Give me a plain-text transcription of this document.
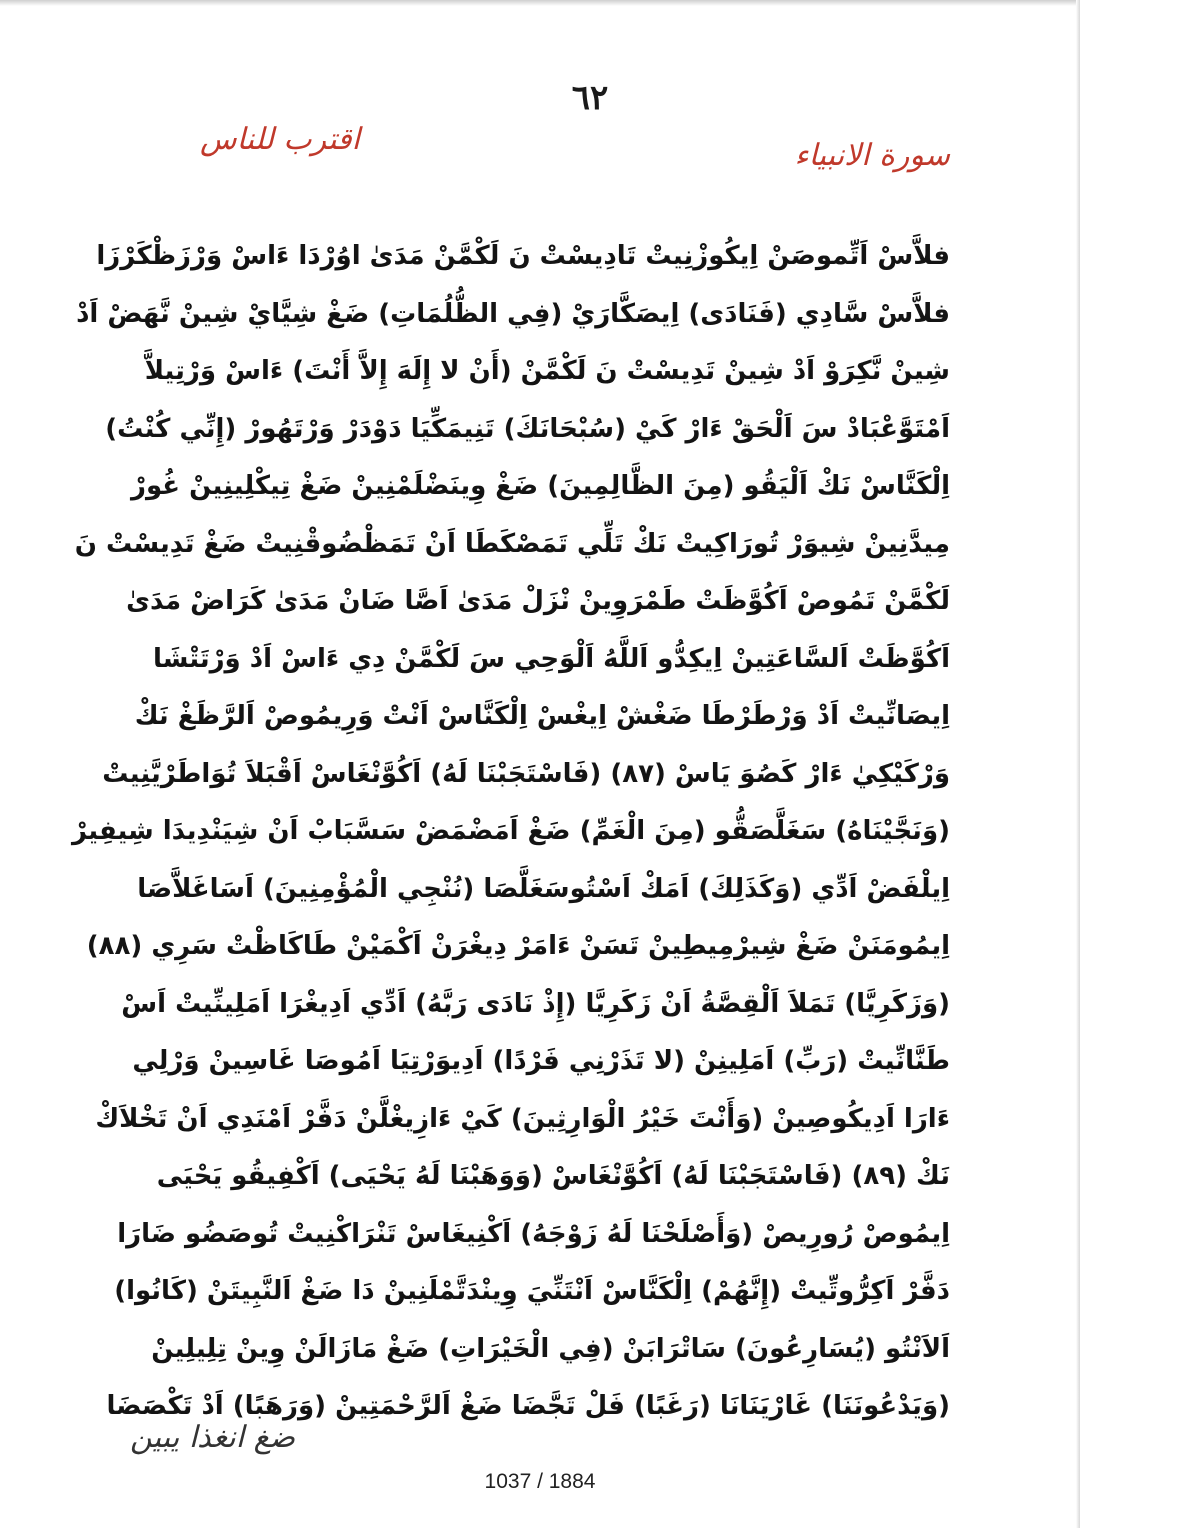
٦٢
سورة الانبياء
اقترب للناس
فلاَّسْ اَتِّموصَنْ اِيكُوزْنِيتْ تَادِيسْتْ نَ لَكْمَّنْ مَدَىٰ اوُرْدَا ءَاسْ وَرْزَظْكَرْزَا
فلاَّسْ سَّادِي (فَنَادَى) اِيصَكَّارَيْ (فِي الظُّلُمَاتِ) ضَغْ شِيَّايْ شِينْ نَّهَضْ اَدْ
شِينْ نَّكِرَوْ اَدْ شِينْ تَدِيسْتْ نَ لَكْمَّنْ (أَنْ لا إِلَهَ إِلاَّ أَنْتَ) ءَاسْ وَرْتِيلاَّ
اَمْتَوَّعْبَادْ سَ اَلْحَقْ ءَارْ كَيْ (سُبْحَانَكَ) تَنِيمَكِّيَا دَوْدَرْ وَرْتَهُورْ (إِنِّي كُنْتُ)
اِلْكَنَّاسْ نَكْ اَلْيَقُو (مِنَ الظَّالِمِينَ) ضَغْ وِينَضْلَمْنِينْ ضَغْ تِيكْلِينِينْ غُورْ
مِيدَّنِينْ شِيوَرْ تُورَاكِيتْ نَكْ تَلِّي تَمَصْكَطَا اَنْ تَمَظْضُوقْنِيتْ ضَغْ تَدِيسْتْ نَ
لَكْمَّنْ تَمُوصْ اَكُوَّظَتْ طَمْرَوِينْ نْزَلْ مَدَىٰ اَصَّا ضَانْ مَدَىٰ كَرَاضْ مَدَىٰ
اَكُوَّظَتْ اَلسَّاعَتِينْ اِيكِدُّو اَللَّهُ اَلْوَحِي سَ لَكْمَّنْ دِي ءَاسْ اَدْ وَرْتَتْشَا
اِيصَانِّيتْ اَدْ وَرْطَرْطَا ضَغْشْ اِيغْسْ اِلْكَنَّاسْ اَنْتْ وَرِيمُوصْ اَلرَّظَغْ نَكْ
وَرْكَيْكِيٰ ءَارْ كَصُوَ يَاسْ (٨٧) (فَاسْتَجَبْنَا لَهُ) اَكُوَّنْغَاسْ اَقْبَلاَ تُوَاطَرْيَّنِيتْ
(وَنَجَّيْنَاهُ) سَغَلَّصَقُّو (مِنَ الْغَمِّ) ضَغْ اَمَضْمَضْ سَسَّبَابْ اَنْ شِيَنْدِيدَا شِيفِيرْ
اِيلْفَضْ اَدِّي (وَكَذَلِكَ) اَمَكْ اَسْتُوسَغَلَّصَا (نُنْجِي الْمُؤْمِنِينَ) اَسَاغَلاَّصَا
اِيمُومَنَنْ ضَغْ شِيرْمِيطِينْ تَسَنْ ءَامَرْ دِيغْرَنْ اَكْمَيْنْ طَاكَاظْتْ سَرِي (٨٨)
(وَزَكَرِيَّا) تَمَلاَ اَلْقِصَّةُ اَنْ زَكَرِيَّا (إِذْ نَادَى رَبَّهُ) اَدِّي اَدِيغْرَا اَمَلِينِّيتْ اَسْ
طَنَّانِّيتْ (رَبِّ) اَمَلِينِنْ (لا تَذَرْنِي فَرْدًا) اَدِيوَرْتِيَا اَمُوصَا غَاسِينْ وَرْلِي
ءَارَا اَدِيكُوصِينْ (وَأَنْتَ خَيْرُ الْوَارِثِينَ) كَيْ ءَازِيغْلَّنْ دَفَّرْ اَمْنَدِي اَنْ تَخْلاَكْ
نَكْ (٨٩) (فَاسْتَجَبْنَا لَهُ) اَكُوَّنْغَاسْ (وَوَهَبْنَا لَهُ يَحْيَى) اَكْفِيقُو يَحْيَى
اِيمُوصْ رُورِيصْ (وَأَصْلَحْنَا لَهُ زَوْجَهُ) اَكْنِيغَاسْ تَنْرَاكْنِيتْ تُوصَضُو ضَارَا
دَفَّرْ اَكِرُّوتِّيتْ (إِنَّهُمْ) اِلْكَنَّاسْ اَنْتَنِّيَ وِينْدَتَّمْلَنِينْ دَا ضَغْ اَلنَّبِيتَنْ (كَانُوا)
اَلاَنْتُو (يُسَارِعُونَ) سَاتْرَابَنْ (فِي الْخَيْرَاتِ) ضَغْ مَازَالَنْ وِينْ تِلِيلِينْ
(وَيَدْعُونَنَا) غَارْيَنَانَا (رَغَبًا) فَلْ تَجَّضَا ضَغْ اَلرَّحْمَتِينْ (وَرَهَبًا) اَدْ تَكْصَضَا
ضغ انغذا يبين
1037 / 1884
